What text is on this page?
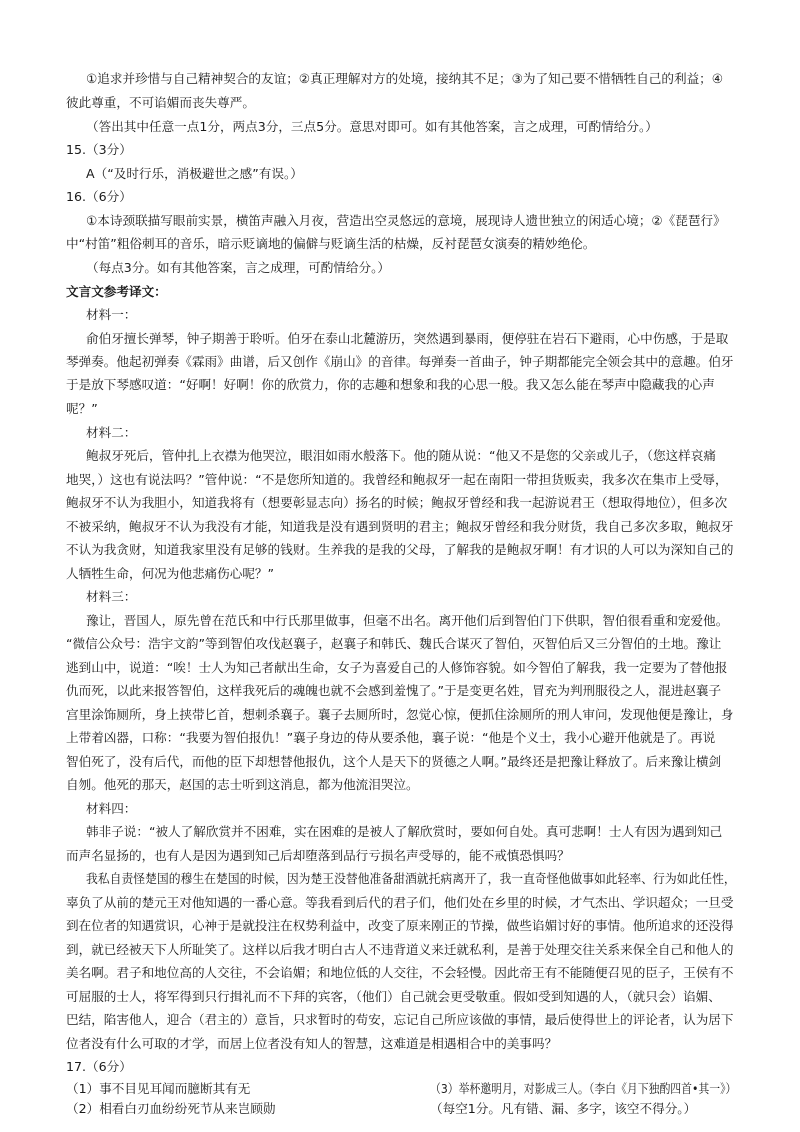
①追求并珍惜与自己精神契合的友谊；②真正理解对方的处境，接纳其不足；③为了知己要不惜牺牲自己的利益；④
彼此尊重，不可谄媚而丧失尊严。
（答出其中任意一点1分，两点3分，三点5分。意思对即可。如有其他答案，言之成理，可酌情给分。）
15.（3分）
A（“及时行乐，消极避世之感”有误。）
16.（6分）
①本诗颈联描写眼前实景，横笛声融入月夜，营造出空灵悠远的意境，展现诗人遗世独立的闲适心境；②《琵琶行》
中“村笛”粗俗刺耳的音乐，暗示贬谪地的偏僻与贬谪生活的枯燥，反衬琵琶女演奏的精妙绝伦。
（每点3分。如有其他答案，言之成理，可酌情给分。）
文言文参考译文：
材料一：
俞伯牙擅长弹琴，钟子期善于聆听。伯牙在泰山北麓游历，突然遇到暴雨，便停驻在岩石下避雨，心中伤感，于是取
琴弹奏。他起初弹奏《霖雨》曲谱，后又创作《崩山》的音律。每弹奏一首曲子，钟子期都能完全领会其中的意趣。伯牙
于是放下琴感叹道：“好啊！好啊！你的欣赏力，你的志趣和想象和我的心思一般。我又怎么能在琴声中隐藏我的心声
呢？”
材料二：
鲍叔牙死后，管仲扎上衣襟为他哭泣，眼泪如雨水般落下。他的随从说：“他又不是您的父亲或儿子，（您这样哀痛
地哭，）这也有说法吗？”管仲说：“不是您所知道的。我曾经和鲍叔牙一起在南阳一带担货贩卖，我多次在集市上受辱，
鲍叔牙不认为我胆小，知道我将有（想要彰显志向）扬名的时候；鲍叔牙曾经和我一起游说君王（想取得地位），但多次
不被采纳，鲍叔牙不认为我没有才能，知道我是没有遇到贤明的君主；鲍叔牙曾经和我分财货，我自己多次多取，鲍叔牙
不认为我贪财，知道我家里没有足够的钱财。生养我的是我的父母，了解我的是鲍叔牙啊！有才识的人可以为深知自己的
人牺牲生命，何况为他悲痛伤心呢？”
材料三：
豫让，晋国人，原先曾在范氏和中行氏那里做事，但毫不出名。离开他们后到智伯门下供职，智伯很看重和宠爱他。
“微信公众号：浩宇文韵”等到智伯攻伐赵襄子，赵襄子和韩氏、魏氏合谋灭了智伯，灭智伯后又三分智伯的土地。豫让
逃到山中，说道：“唉！士人为知己者献出生命，女子为喜爱自己的人修饰容貌。如今智伯了解我，我一定要为了替他报
仇而死，以此来报答智伯，这样我死后的魂魄也就不会感到羞愧了。”于是变更名姓，冒充为判刑服役之人，混进赵襄子
宫里涂饰厕所，身上挟带匕首，想刺杀襄子。襄子去厕所时，忽觉心惊，便抓住涂厕所的刑人审问，发现他便是豫让，身
上带着凶器，口称：“我要为智伯报仇！”襄子身边的侍从要杀他，襄子说：“他是个义士，我小心避开他就是了。再说
智伯死了，没有后代，而他的臣下却想替他报仇，这个人是天下的贤德之人啊。”最终还是把豫让释放了。后来豫让横剑
自刎。他死的那天，赵国的志士听到这消息，都为他流泪哭泣。
材料四：
韩非子说：“被人了解欣赏并不困难，实在困难的是被人了解欣赏时，要如何自处。真可悲啊！士人有因为遇到知己
而声名显扬的，也有人是因为遇到知己后却堕落到品行亏损名声受辱的，能不戒慎恐惧吗？
我私自责怪楚国的穆生在楚国的时候，因为楚王没替他准备甜酒就托病离开了，我一直奇怪他做事如此轻率、行为如此任性，
辜负了从前的楚元王对他知遇的一番心意。等我看到后代的君子们，他们处在乡里的时候，才气杰出、学识超众；一旦受
到在位者的知遇赏识，心神于是就投注在权势利益中，改变了原来刚正的节操，做些谄媚讨好的事情。他所追求的还没得
到，就已经被天下人所耻笑了。这样以后我才明白古人不违背道义来迁就私利，是善于处理交往关系来保全自己和他人的
美名啊。君子和地位高的人交往，不会谄媚；和地位低的人交往，不会轻慢。因此帝王有不能随便召见的臣子，王侯有不
可屈服的士人，将军得到只行揖礼而不下拜的宾客，（他们）自己就会更受敬重。假如受到知遇的人，（就只会）谄媚、
巴结，陷害他人，迎合（君主的）意旨，只求暂时的苟安，忘记自己所应该做的事情，最后使得世上的评论者，认为居下
位者没有什么可取的才学，而居上位者没有知人的智慧，这难道是相遇相合中的美事吗？
17.（6分）
（1）事不目见耳闻而臆断其有无
（2）相看白刃血纷纷死节从来岂顾勋	（每空1分。凡有错、漏、多字，该空不得分。）
（3）举杯邀明月，对影成三人。（李白《月下独酌四首•其一》）
